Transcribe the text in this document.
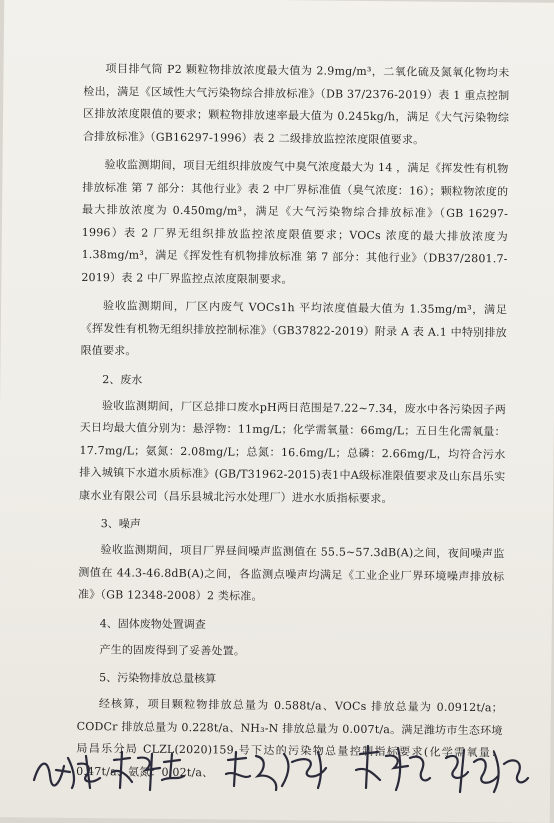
项目排气筒 P2 颗粒物排放浓度最大值为 2.9mg/m³，二氧化硫及氮氧化物均未检出，满足《区域性大气污染物综合排放标准》（DB 37/2376-2019）表 1 重点控制区排放浓度限值的要求；颗粒物排放速率最大值为 0.245kg/h，满足《大气污染物综合排放标准》（GB16297-1996）表 2 二级排放监控浓度限值要求。

验收监测期间，项目无组织排放废气中臭气浓度最大为 14 ，满足《挥发性有机物排放标准 第 7 部分：其他行业》表 2 中厂界标准值（臭气浓度：16）；颗粒物浓度的最大排放浓度为 0.450mg/m³，满足《大气污染物综合排放标准》（GB 16297-1996）表 2 厂界无组织排放监控浓度限值要求；VOCs 浓度的最大排放浓度为 1.38mg/m³，满足《挥发性有机物排放标准 第 7 部分：其他行业》（DB37/2801.7-2019）表 2 中厂界监控点浓度限制要求。

验收监测期间，厂区内废气 VOCs1h 平均浓度值最大值为 1.35mg/m³，满足《挥发性有机物无组织排放控制标准》（GB37822-2019）附录 A 表 A.1 中特别排放限值要求。

2、废水

验收监测期间，厂区总排口废水pH两日范围是7.22~7.34，废水中各污染因子两天日均最大值分别为：悬浮物：11mg/L；化学需氧量：66mg/L；五日生化需氧量：17.7mg/L；氨氮：2.08mg/L；总氮：16.6mg/L；总磷：2.66mg/L，均符合污水排入城镇下水道水质标准》(GB/T31962-2015)表1中A级标准限值要求及山东昌乐实康水业有限公司（昌乐县城北污水处理厂）进水水质指标要求。

3、噪声

验收监测期间，项目厂界昼间噪声监测值在 55.5~57.3dB(A)之间，夜间噪声监测值在 44.3-46.8dB(A)之间，各监测点噪声均满足《工业企业厂界环境噪声排放标准》（GB 12348-2008）2 类标准。

4、固体废物处置调查

产生的固废得到了妥善处置。

5、污染物排放总量核算

经核算，项目颗粒物排放总量为 0.588t/a、VOCs 排放总量为 0.0912t/a；CODCr 排放总量为 0.228t/a、NH₃-N 排放总量为 0.007t/a。满足潍坊市生态环境局昌乐分局 CLZL(2020)159 号下达的污染物总量控制指标要求(化学需氧量：0.47t/a、氨氮：0.02t/a、
